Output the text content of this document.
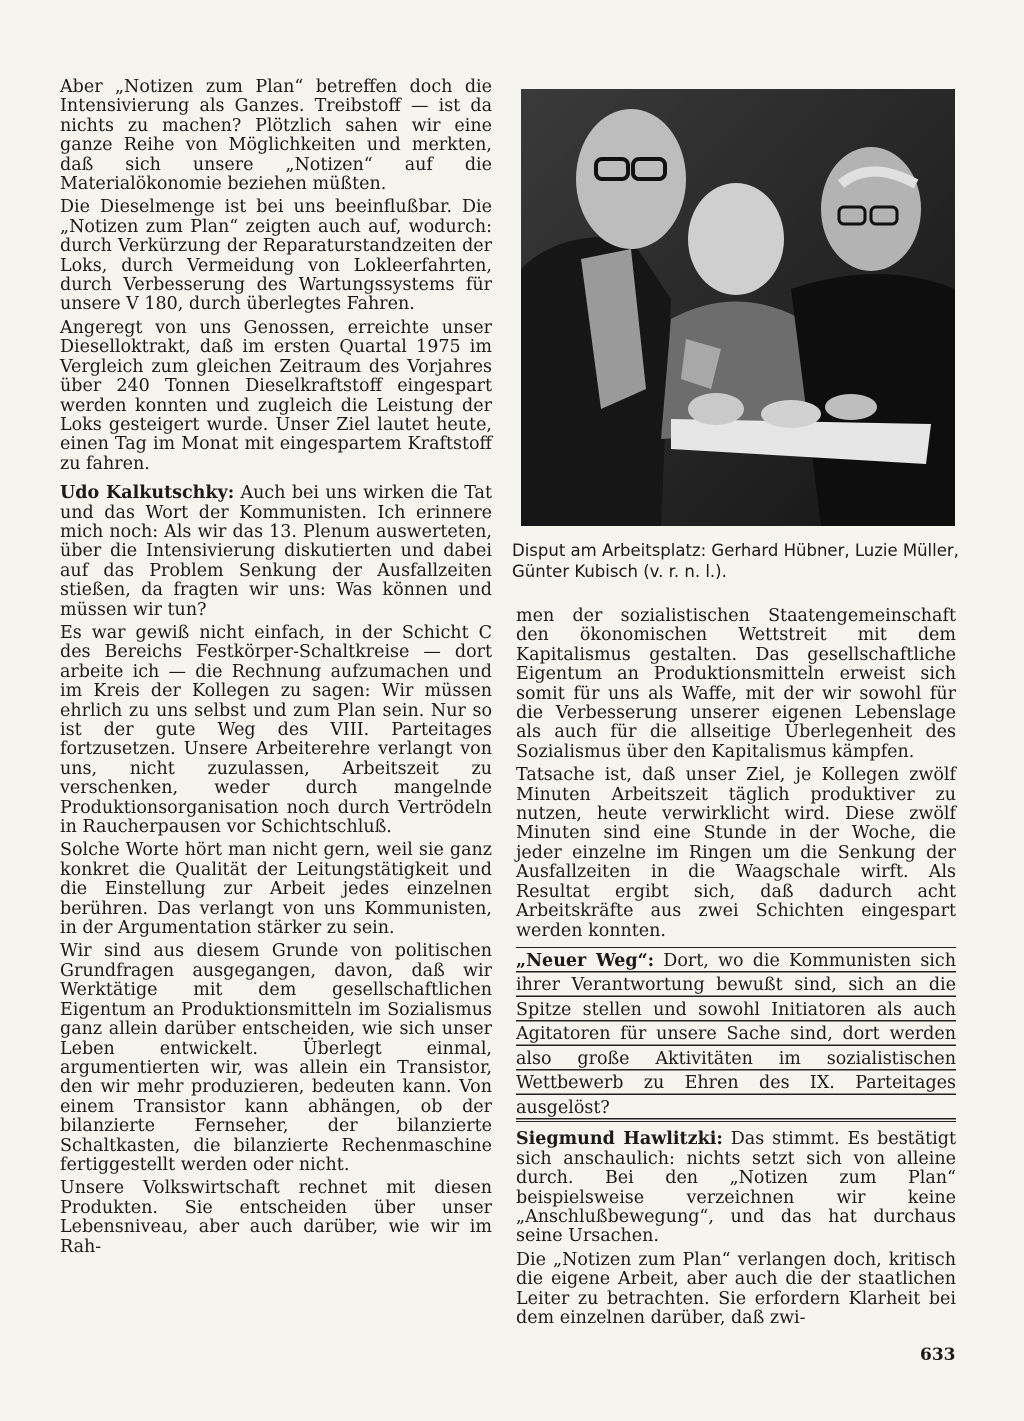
Aber „Notizen zum Plan“ betreffen doch die Intensivierung als Ganzes. Treibstoff — ist da nichts zu machen? Plötzlich sahen wir eine ganze Reihe von Möglichkeiten und merkten, daß sich unsere „Notizen“ auf die Materialökonomie beziehen müßten.

Die Dieselmenge ist bei uns beeinflußbar. Die „Notizen zum Plan“ zeigten auch auf, wodurch: durch Verkürzung der Reparaturstandzeiten der Loks, durch Vermeidung von Lokleerfahrten, durch Verbesserung des Wartungssystems für unsere V 180, durch überlegtes Fahren.

Angeregt von uns Genossen, erreichte unser Dieselloktrakt, daß im ersten Quartal 1975 im Vergleich zum gleichen Zeitraum des Vorjahres über 240 Tonnen Dieselkraftstoff eingespart werden konnten und zugleich die Leistung der Loks gesteigert wurde. Unser Ziel lautet heute, einen Tag im Monat mit eingespartem Kraftstoff zu fahren.

Udo Kalkutschky: Auch bei uns wirken die Tat und das Wort der Kommunisten. Ich erinnere mich noch: Als wir das 13. Plenum auswerteten, über die Intensivierung diskutierten und dabei auf das Problem Senkung der Ausfallzeiten stießen, da fragten wir uns: Was können und müssen wir tun?

Es war gewiß nicht einfach, in der Schicht C des Bereichs Festkörper-Schaltkreise — dort arbeite ich — die Rechnung aufzumachen und im Kreis der Kollegen zu sagen: Wir müssen ehrlich zu uns selbst und zum Plan sein. Nur so ist der gute Weg des VIII. Parteitages fortzusetzen. Unsere Arbeiterehre verlangt von uns, nicht zuzulassen, Arbeitszeit zu verschenken, weder durch mangelnde Produktionsorganisation noch durch Vertrödeln in Raucherpausen vor Schichtschluß.

Solche Worte hört man nicht gern, weil sie ganz konkret die Qualität der Leitungstätigkeit und die Einstellung zur Arbeit jedes einzelnen berühren. Das verlangt von uns Kommunisten, in der Argumentation stärker zu sein.

Wir sind aus diesem Grunde von politischen Grundfragen ausgegangen, davon, daß wir Werktätige mit dem gesellschaftlichen Eigentum an Produktionsmitteln im Sozialismus ganz allein darüber entscheiden, wie sich unser Leben entwickelt. Überlegt einmal, argumentierten wir, was allein ein Transistor, den wir mehr produzieren, bedeuten kann. Von einem Transistor kann abhängen, ob der bilanzierte Fernseher, der bilanzierte Schaltkasten, die bilanzierte Rechenmaschine fertiggestellt werden oder nicht.

Unsere Volkswirtschaft rechnet mit diesen Produkten. Sie entscheiden über unser Lebensniveau, aber auch darüber, wie wir im Rah-

Disput am Arbeitsplatz: Gerhard Hübner, Luzie Müller, Günter Kubisch (v. r. n. l.).

men der sozialistischen Staatengemeinschaft den ökonomischen Wettstreit mit dem Kapitalismus gestalten. Das gesellschaftliche Eigentum an Produktionsmitteln erweist sich somit für uns als Waffe, mit der wir sowohl für die Verbesserung unserer eigenen Lebenslage als auch für die allseitige Überlegenheit des Sozialismus über den Kapitalismus kämpfen.

Tatsache ist, daß unser Ziel, je Kollegen zwölf Minuten Arbeitszeit täglich produktiver zu nutzen, heute verwirklicht wird. Diese zwölf Minuten sind eine Stunde in der Woche, die jeder einzelne im Ringen um die Senkung der Ausfallzeiten in die Waagschale wirft. Als Resultat ergibt sich, daß dadurch acht Arbeitskräfte aus zwei Schichten eingespart werden konnten.

„Neuer Weg“: Dort, wo die Kommunisten sich ihrer Verantwortung bewußt sind, sich an die Spitze stellen und sowohl Initiatoren als auch Agitatoren für unsere Sache sind, dort werden also große Aktivitäten im sozialistischen Wettbewerb zu Ehren des IX. Parteitages ausgelöst?

Siegmund Hawlitzki: Das stimmt. Es bestätigt sich anschaulich: nichts setzt sich von alleine durch. Bei den „Notizen zum Plan“ beispielsweise verzeichnen wir keine „Anschlußbewegung“, und das hat durchaus seine Ursachen.

Die „Notizen zum Plan“ verlangen doch, kritisch die eigene Arbeit, aber auch die der staatlichen Leiter zu betrachten. Sie erfordern Klarheit bei dem einzelnen darüber, daß zwi-

633
